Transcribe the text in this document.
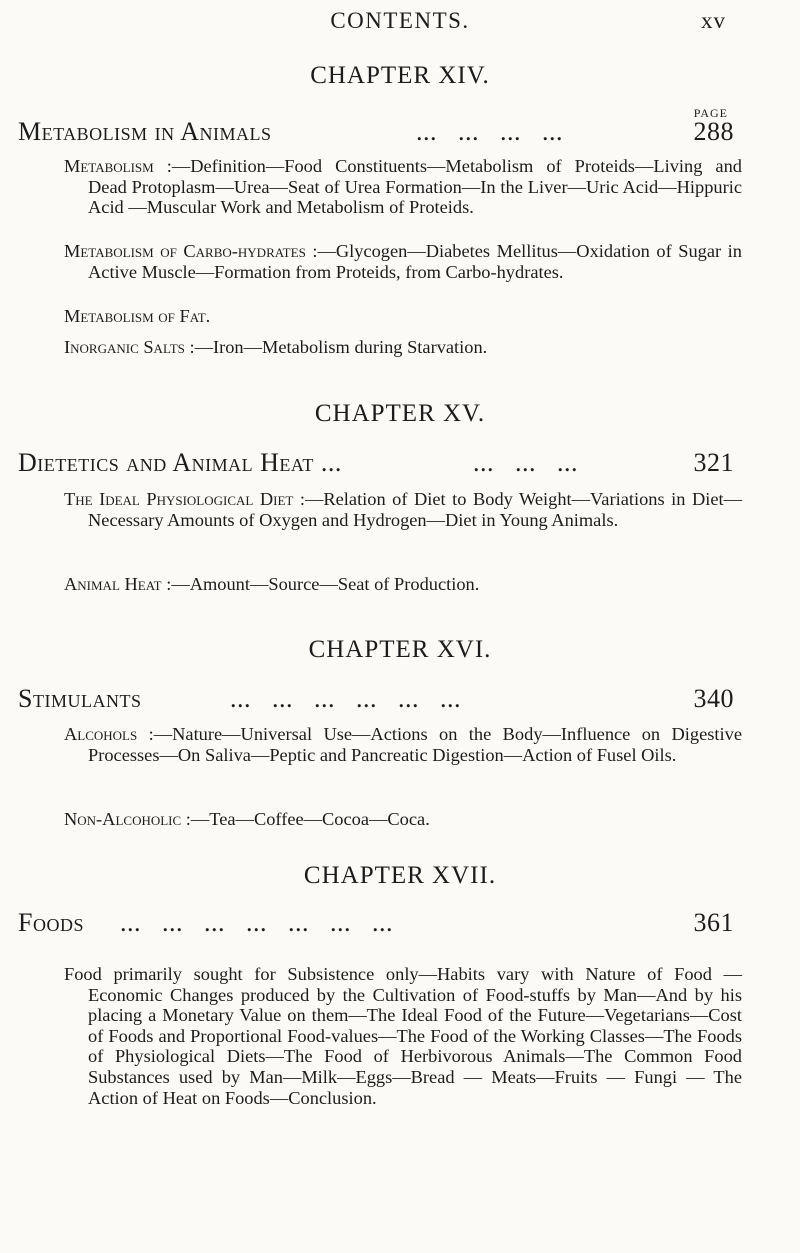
CONTENTS.	xv
CHAPTER XIV.
PAGE
Metabolism in Animals	...   ...   ...   ...	288
Metabolism :—Definition—Food Constituents—Metabolism of Proteids—Living and Dead Protoplasm—Urea—Seat of Urea Formation—In the Liver—Uric Acid—Hippuric Acid —Muscular Work and Metabolism of Proteids.
Metabolism of Carbo-hydrates :—Glycogen—Diabetes Mellitus—Oxidation of Sugar in Active Muscle—Formation from Proteids, from Carbo-hydrates.
Metabolism of Fat.
Inorganic Salts :—Iron—Metabolism during Starvation.
CHAPTER XV.
Dietetics and Animal Heat ...	...   ...   ...	321
The Ideal Physiological Diet :—Relation of Diet to Body Weight—Variations in Diet—Necessary Amounts of Oxygen and Hydrogen—Diet in Young Animals.
Animal Heat :—Amount—Source—Seat of Production.
CHAPTER XVI.
Stimulants	...   ...   ...   ...   ...   ...	340
Alcohols :—Nature—Universal Use—Actions on the Body—Influence on Digestive Processes—On Saliva—Peptic and Pancreatic Digestion—Action of Fusel Oils.
Non-Alcoholic :—Tea—Coffee—Cocoa—Coca.
CHAPTER XVII.
Foods ...   ...   ...   ...   ...   ...   ...	361
Food primarily sought for Subsistence only—Habits vary with Nature of Food — Economic Changes produced by the Cultivation of Food-stuffs by Man—And by his placing a Monetary Value on them—The Ideal Food of the Future—Vegetarians—Cost of Foods and Proportional Food-values—The Food of the Working Classes—The Foods of Physiological Diets—The Food of Herbivorous Animals—The Common Food Substances used by Man—Milk—Eggs—Bread — Meats—Fruits — Fungi — The Action of Heat on Foods—Conclusion.
